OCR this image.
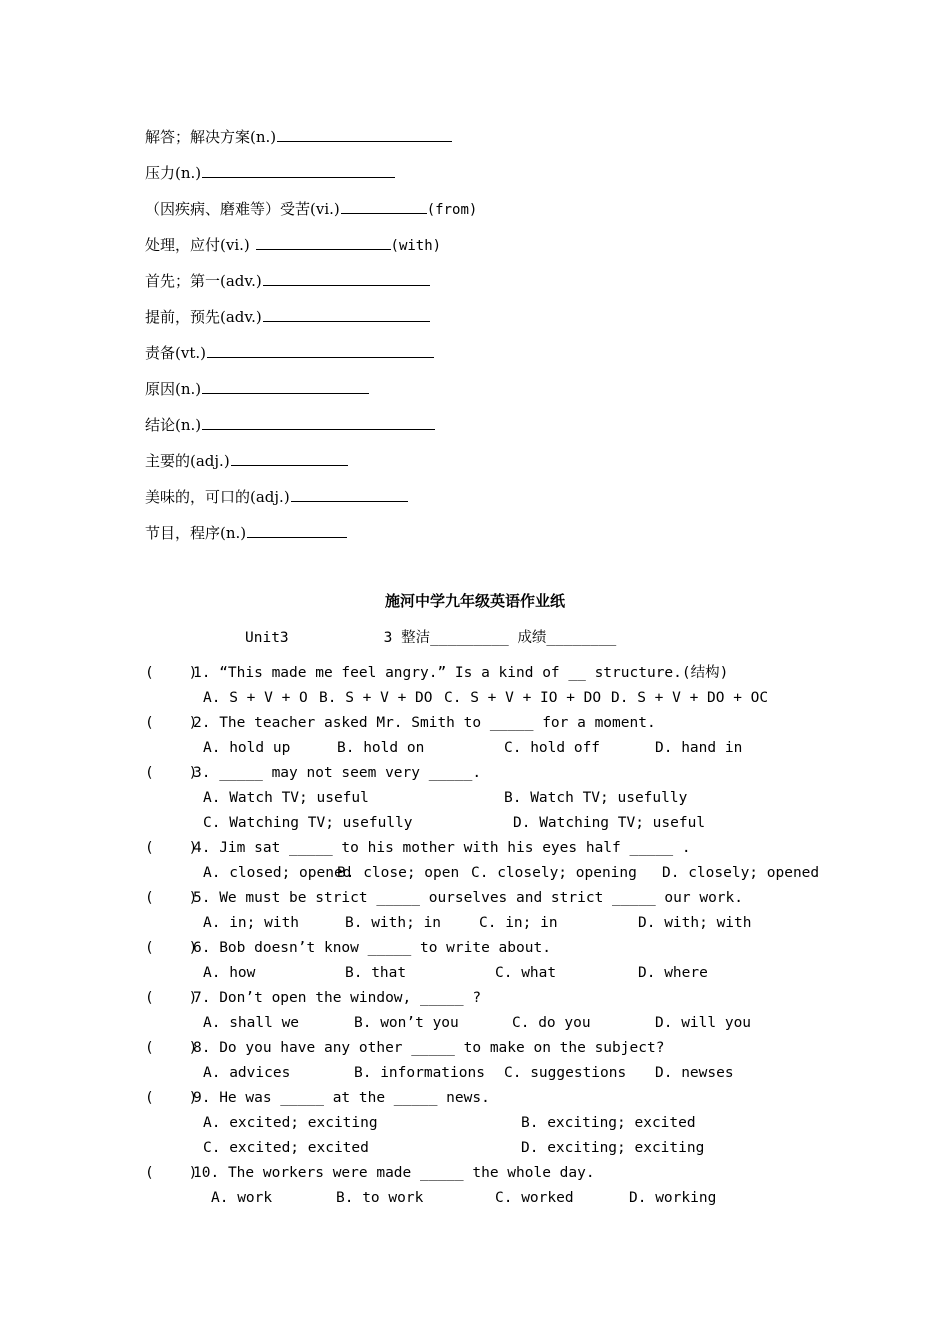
解答；解决方案(n.)
压力(n.)
（因疾病、磨难等）受苦(vi.)	(from)
处理，应付(vi.)	(with)
首先；第一(adv.)
提前，预先(adv.)
责备(vt.)
原因(n.)
结论(n.)
主要的(adj.)
美味的，可口的(adj.)
节目，程序(n.)
施河中学九年级英语作业纸
Unit3	3 整洁_________ 成绩________
(    )1. “This made me feel angry.” Is a kind of __ structure.(结构)
A. S + V + O B. S + V + DO C. S + V + IO + DO D. S + V + DO + OC
(    )2. The teacher asked Mr. Smith to _____ for a moment.
A. hold up	B. hold on	C. hold off	D. hand in
(    )3. _____ may not seem very _____.
A. Watch TV; useful	B. Watch TV; usefully
C. Watching TV; usefully	D. Watching TV; useful
(    )4. Jim sat _____ to his mother with his eyes half _____ .
A. closed; opened
B. close; open C. closely; opening D. closely; opened
(    )5. We must be strict _____ ourselves and strict _____ our work.
A. in; with	B. with; in	C. in; in	D. with; with
(    )6. Bob doesn’t know _____ to write about.
A. how	B. that	C. what	D. where
(    )7. Don’t open the window, _____ ?
A. shall we	B. won’t you	C. do you	D. will you
(    )8. Do you have any other _____ to make on the subject?
A. advices	B. informations C. suggestions D. newses
(    )9. He was _____ at the _____ news.
A. excited; exciting	B. exciting; excited
C. excited; excited	D. exciting; exciting
(    )10. The workers were made _____ the whole day.
A. work	B. to work	C. worked	D. working
